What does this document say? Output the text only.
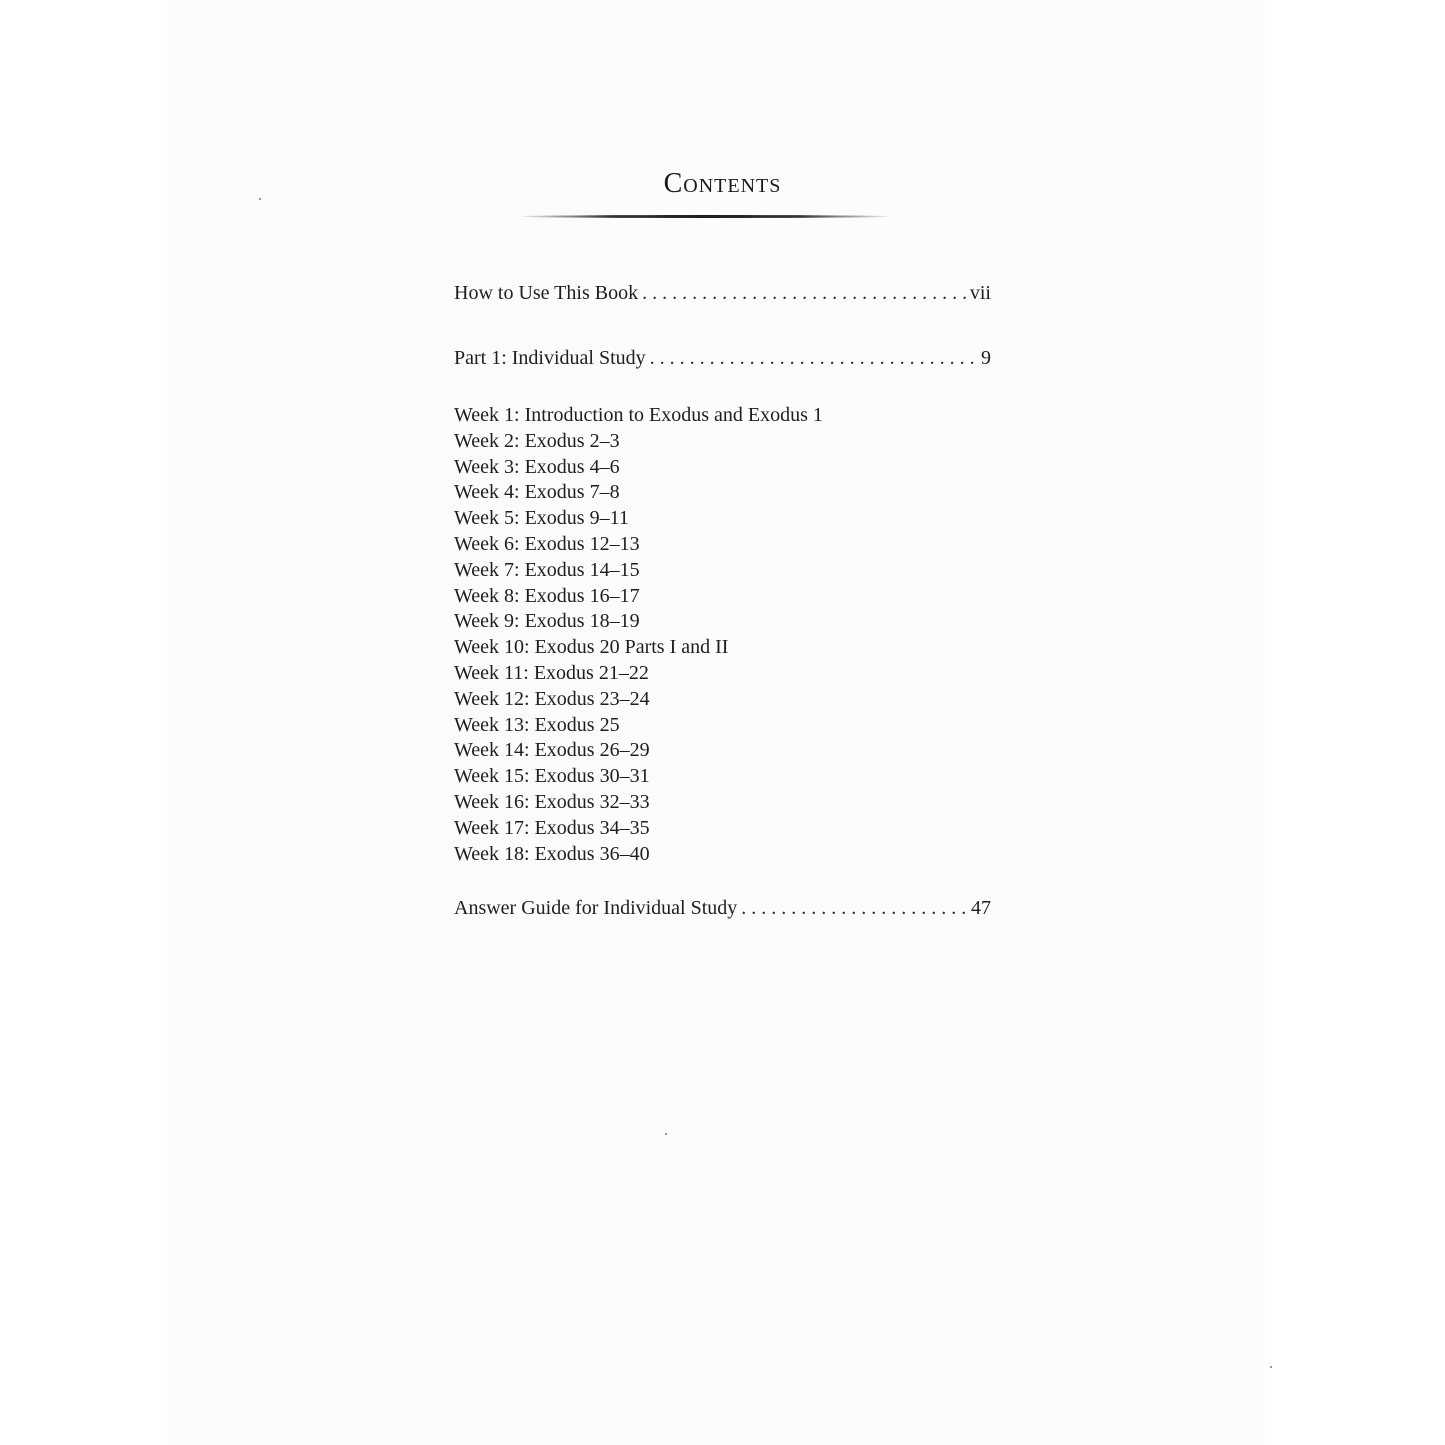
Contents
How to Use This Book . . .	vii
Part 1: Individual Study . . .	9
Week 1: Introduction to Exodus and Exodus 1
Week 2: Exodus 2–3
Week 3: Exodus 4–6
Week 4: Exodus 7–8
Week 5: Exodus 9–11
Week 6: Exodus 12–13
Week 7: Exodus 14–15
Week 8: Exodus 16–17
Week 9: Exodus 18–19
Week 10: Exodus 20 Parts I and II
Week 11: Exodus 21–22
Week 12: Exodus 23–24
Week 13: Exodus 25
Week 14: Exodus 26–29
Week 15: Exodus 30–31
Week 16: Exodus 32–33
Week 17: Exodus 34–35
Week 18: Exodus 36–40
Answer Guide for Individual Study . . .	47
